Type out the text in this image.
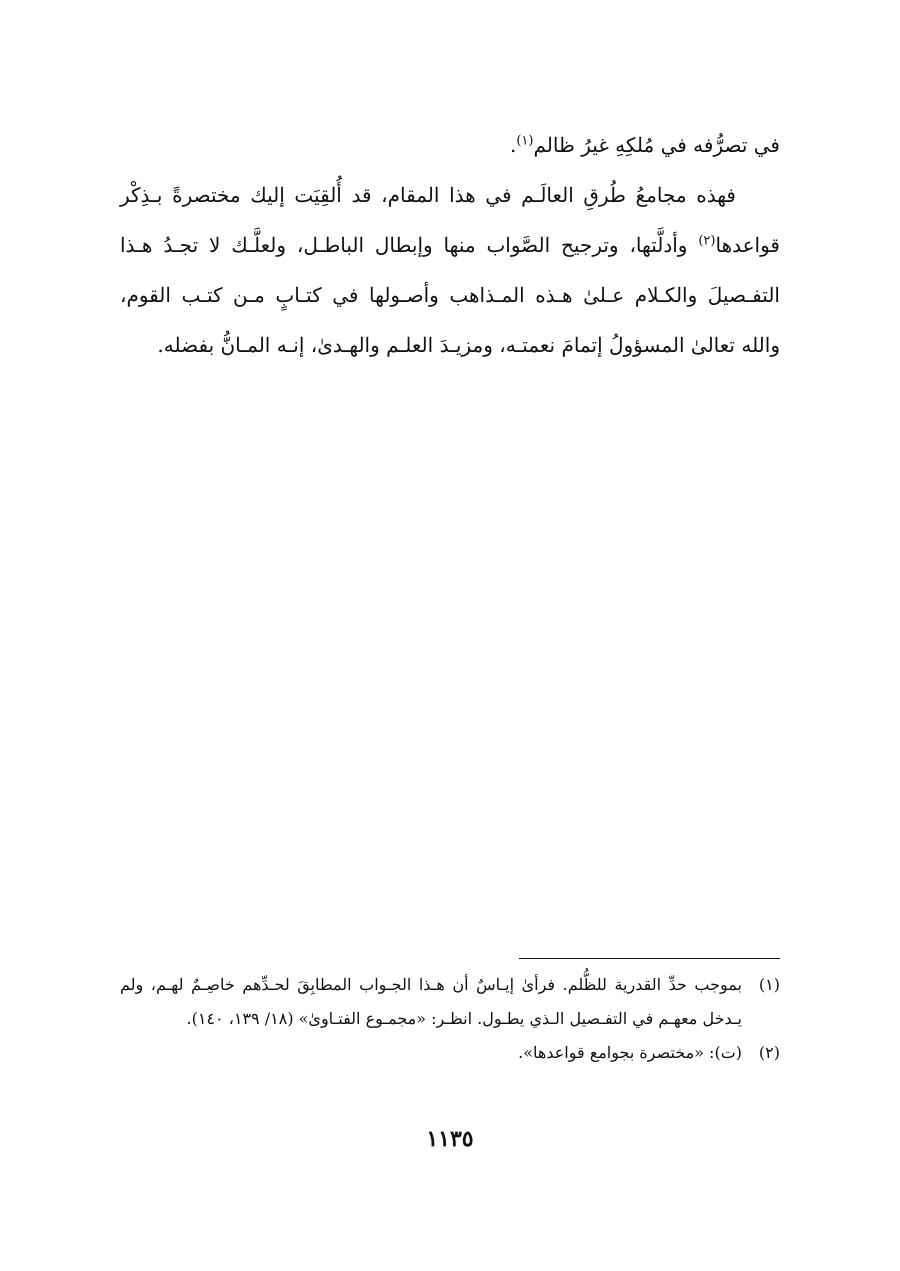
في تصرُّفه في مُلكِهِ غيرُ ظالم$^{(١)}$.

فهذه مجامعُ طُرقِ العالَـم في هذا المقام، قد أُلقِيَت إليك مختصرةً بـذِكْر قواعدها$^{(٢)}$ وأدلَّتها، وترجيح الصَّواب منها وإبطال الباطـل، ولعلَّـك لا تجـدُ هـذا التفـصيلَ والكـلام عـلىٰ هـذه المـذاهب وأصـولها في كتـابٍ مـن كتـب القوم، والله تعالىٰ المسؤولُ إتمامَ نعمتـه، ومزيـدَ العلـم والهـدىٰ، إنـه المـانُّ بفضله.

(١)
بموجب حدِّ القدرية للظُّلم. فرأىٰ إيـاسٌ أن هـذا الجـواب المطابِقَ لحـدِّهم خاصِـمٌ لهـم، ولم يـدخل معهـم في التفـصيل الـذي يطـول. انظـر: «مجمـوع الفتـاوىٰ» (١٨/ ١٣٩، ١٤٠).
(٢)
(ت): «مختصرة بجوامع قواعدها».
١١٣٥
